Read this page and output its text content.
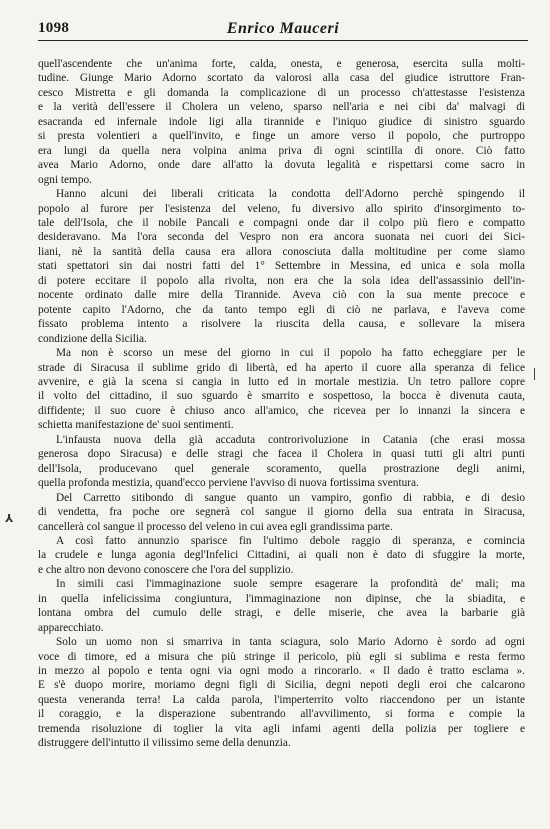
1098	Enrico Mauceri
⅄

quell'ascendente che un'anima forte, calda, onesta, e generosa, esercita sulla molti-
tudine. Giunge Mario Adorno scortato da valorosi alla casa del giudice istruttore Fran-
cesco Mistretta e gli domanda la complicazione di un processo ch'attestasse l'esistenza
e la verità dell'essere il Cholera un veleno, sparso nell'aria e nei cibi da' malvagi di
esacranda ed infernale indole ligi alla tirannide e l'iniquo giudice di sinistro sguardo
si presta volentieri a quell'invito, e finge un amore verso il popolo, che purtroppo
era lungi da quella nera volpina anima priva di ogni scintilla di onore. Ciò fatto
avea Mario Adorno, onde dare all'atto la dovuta legalità e rispettarsi come sacro in
ogni tempo.

Hanno alcuni dei liberali criticata la condotta dell'Adorno perchè spingendo il
popolo al furore per l'esistenza del veleno, fu diversivo allo spirito d'insorgimento to-
tale dell'Isola, che il nobile Pancali e compagni onde dar il colpo più fiero e compatto
desideravano. Ma l'ora seconda del Vespro non era ancora suonata nei cuori dei Sici-
liani, nè la santità della causa era allora conosciuta dalla moltitudine per come siamo
stati spettatori sin dai nostri fatti del 1° Settembre in Messina, ed unica e sola molla
di potere eccitare il popolo alla rivolta, non era che la sola idea dell'assassinio dell'in-
nocente ordinato dalle mire della Tirannide. Aveva ciò con la sua mente precoce e
potente capito l'Adorno, che da tanto tempo egli di ciò ne parlava, e l'aveva come
fissato problema intento a risolvere la riuscita della causa, e sollevare la misera
condizione della Sicilia.

Ma non è scorso un mese del giorno in cui il popolo ha fatto echeggiare per le
strade di Siracusa il sublime grido di libertà, ed ha aperto il cuore alla speranza di felice
avvenire, e già la scena si cangia in lutto ed in mortale mestizia. Un tetro pallore copre
il volto del cittadino, il suo sguardo è smarrito e sospettoso, la bocca è divenuta cauta,
diffidente; il suo cuore è chiuso anco all'amico, che riceveа per lo innanzi la sincera e
schietta manifestazione de' suoi sentimenti.

L'infausta nuova della già accaduta controrivoluzione in Catania (che erasi mossa
generosa dopo Siracusa) e delle stragi che facea il Cholera in quasi tutti gli altri punti
dell'Isola, producevano quel generale scoramento, quella prostrazione degli animi,
quella profonda mestizia, quand'ecco perviene l'avviso di nuova fortissima sventura.

Del Carretto sitibondo di sangue quanto un vampiro, gonfio di rabbia, e di desio
di vendetta, fra poche ore segnerà col sangue il giorno della sua entrata in Siracusa,
cancellerà col sangue il processo del veleno in cui avea egli grandissima parte.

A così fatto annunzio sparisce fin l'ultimo debole raggio di speranza, e comincia
la crudele e lunga agonia degl'Infelici Cittadini, ai quali non è dato di sfuggire la morte,
e che altro non devono conoscere che l'ora del supplizio.

In simili casi l'immaginazione suole sempre esagerare la profondità de' mali; ma
in quella infelicissima congiuntura, l'immaginazione non dipinse, che la sbiadita, e
lontana ombra del cumulo delle stragi, e delle miserie, che avea la barbarie già
apparecchiato.

Solo un uomo non si smarriva in tanta sciagura, solo Mario Adorno è sordo ad ogni
voce di timore, ed a misura che più stringe il pericolo, più egli si sublima e resta fermo
in mezzo al popolo e tenta ogni via ogni modo a rincorarlo. « Il dado è tratto esclama ».
E s'è duopo morire, moriamo degni figli di Sicilia, degni nepoti degli eroi che calcarono
questa veneranda terra! La calda parola, l'imperterrito volto riaccendono per un istante
il coraggio, e la disperazione subentrando all'avvilimento, si forma e compie la
tremenda risoluzione di toglier la vita agli infami agenti della polizia per togliere e
distruggere dell'intutto il vilissimo seme della denunzia.
